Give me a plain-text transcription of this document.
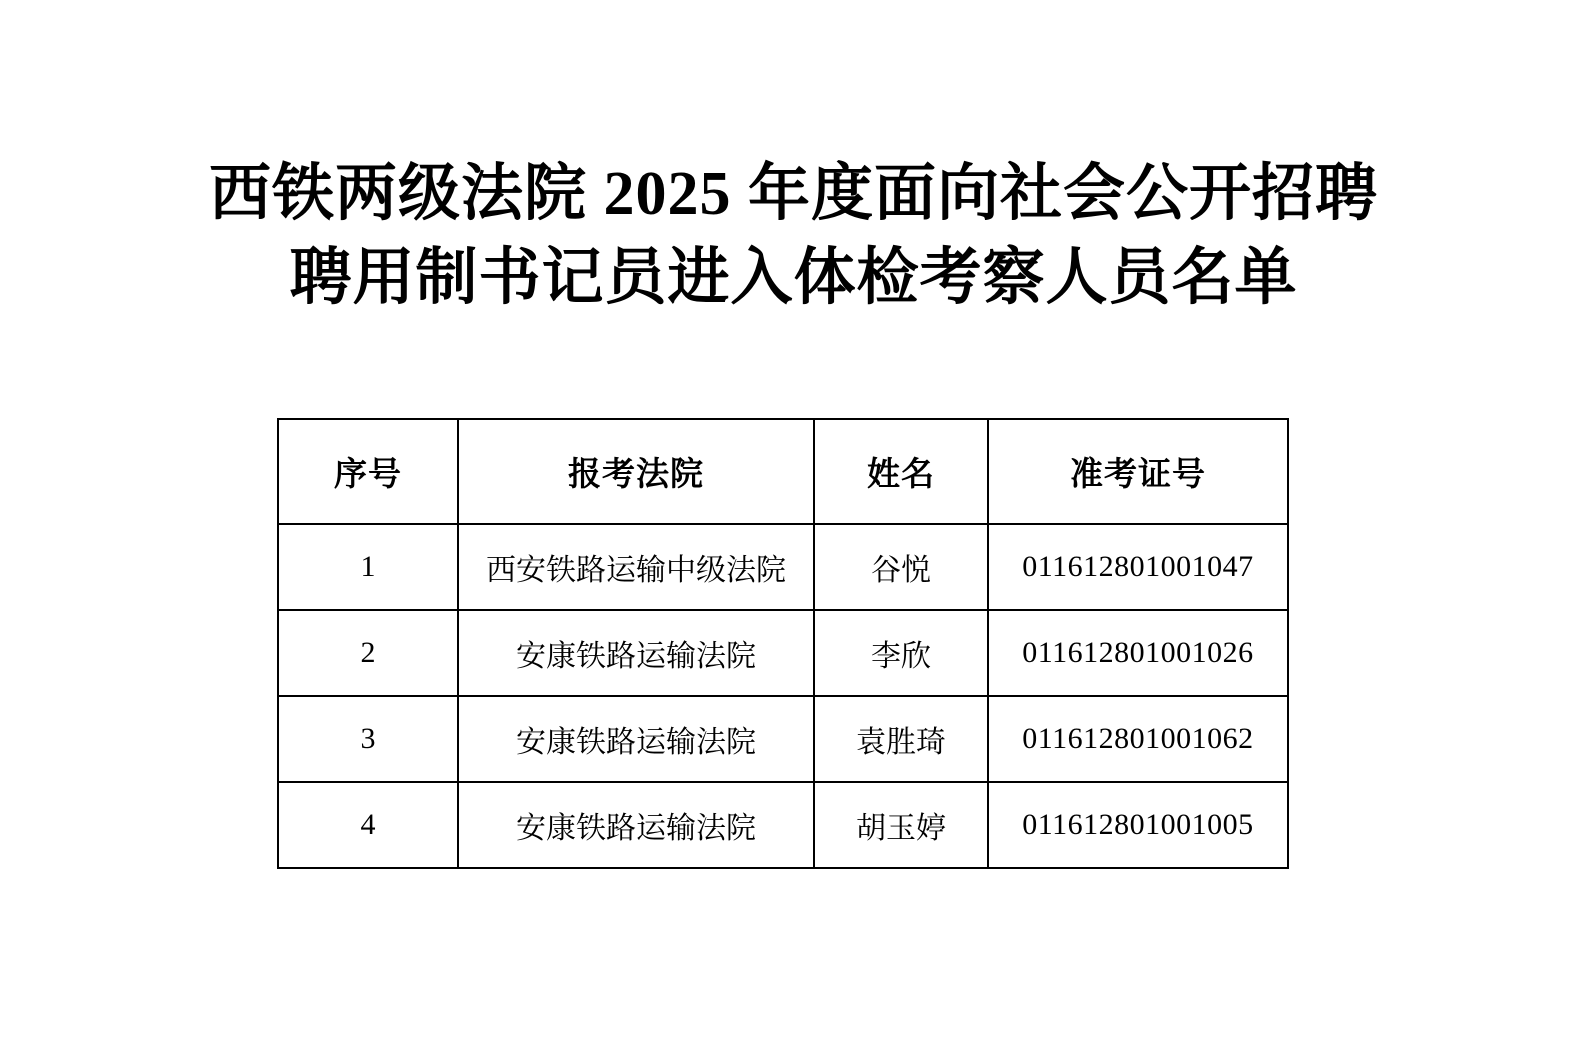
西铁两级法院 2025 年度面向社会公开招聘
聘用制书记员进入体检考察人员名单
序号	报考法院	姓名	准考证号
1	西安铁路运输中级法院	谷悦	011612801001047
2	安康铁路运输法院	李欣	011612801001026
3	安康铁路运输法院	袁胜琦	011612801001062
4	安康铁路运输法院	胡玉婷	011612801001005
